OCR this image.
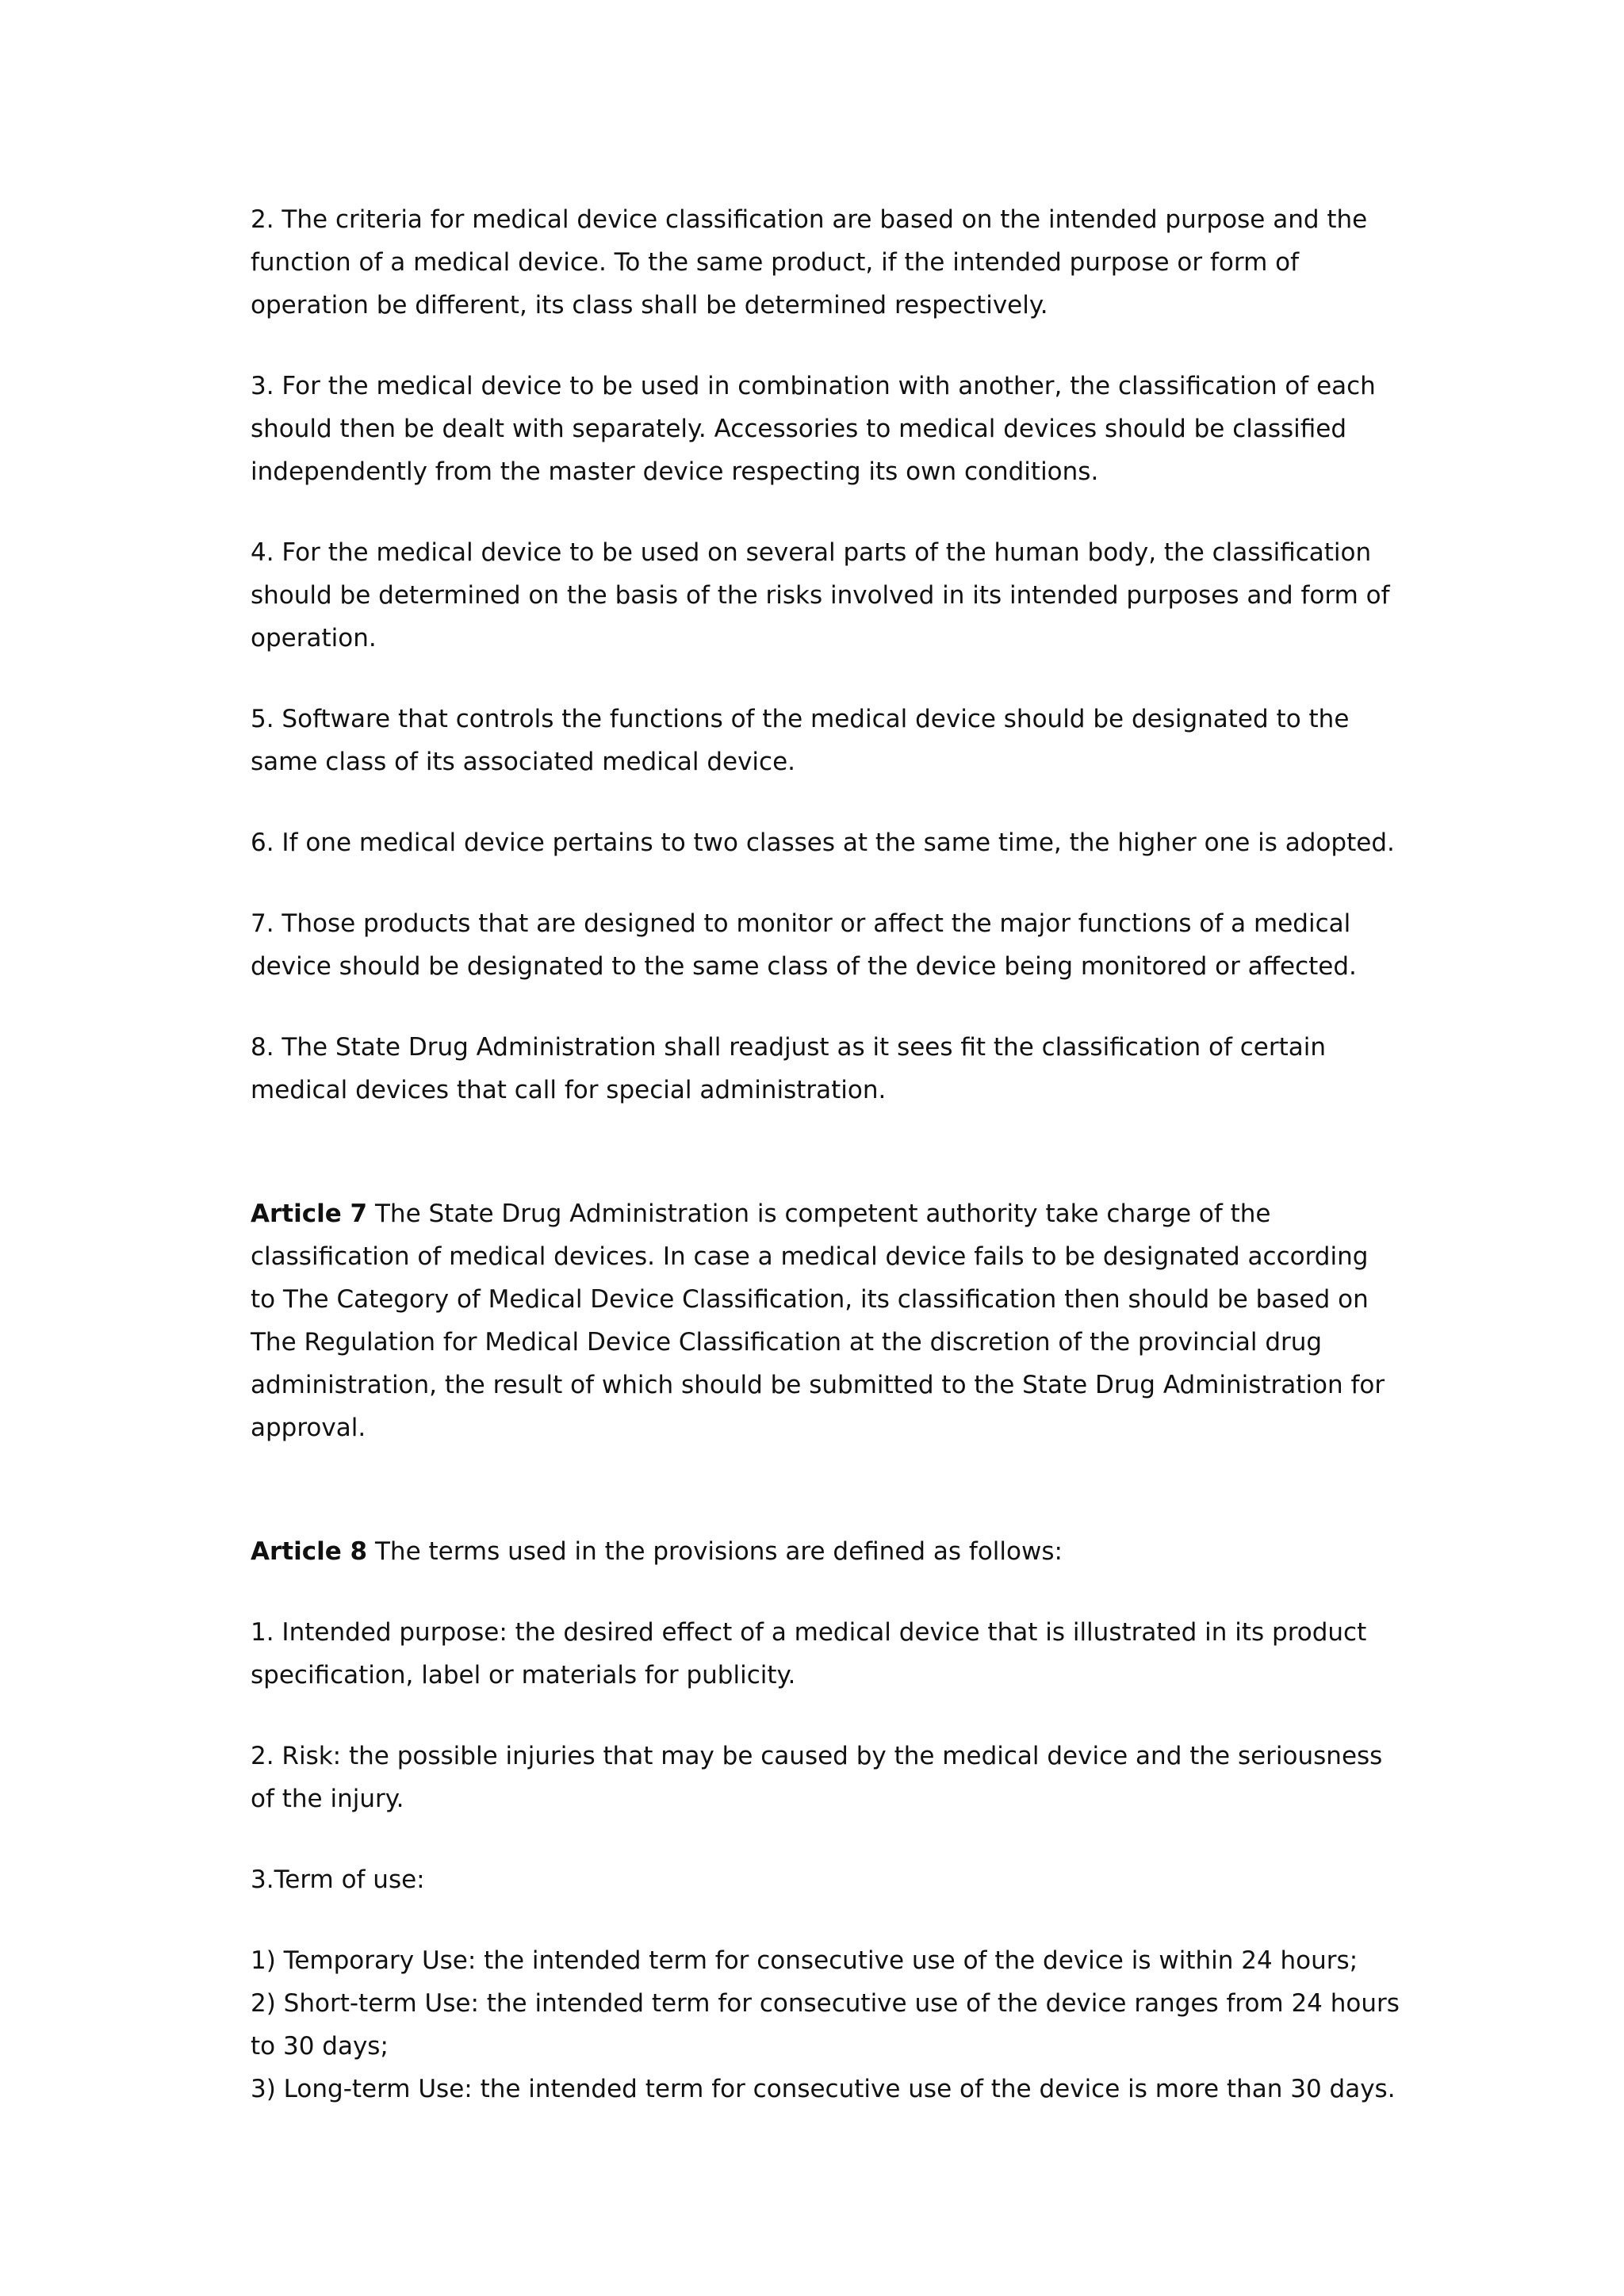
2. The criteria for medical device classification are based on the intended purpose and the function of a medical device. To the same product, if the intended purpose or form of operation be different, its class shall be determined respectively.

3. For the medical device to be used in combination with another, the classification of each should then be dealt with separately. Accessories to medical devices should be classified independently from the master device respecting its own conditions.

4. For the medical device to be used on several parts of the human body, the classification should be determined on the basis of the risks involved in its intended purposes and form of operation.

5. Software that controls the functions of the medical device should be designated to the same class of its associated medical device.

6. If one medical device pertains to two classes at the same time, the higher one is adopted.

7. Those products that are designed to monitor or affect the major functions of a medical device should be designated to the same class of the device being monitored or affected.

8. The State Drug Administration shall readjust as it sees fit the classification of certain medical devices that call for special administration.

Article 7 The State Drug Administration is competent authority take charge of the classification of medical devices. In case a medical device fails to be designated according to The Category of Medical Device Classification, its classification then should be based on The Regulation for Medical Device Classification at the discretion of the provincial drug administration, the result of which should be submitted to the State Drug Administration for approval.

Article 8 The terms used in the provisions are defined as follows:

1. Intended purpose: the desired effect of a medical device that is illustrated in its product specification, label or materials for publicity.

2. Risk: the possible injuries that may be caused by the medical device and the seriousness of the injury.

3.Term of use:

1) Temporary Use: the intended term for consecutive use of the device is within 24 hours;

2) Short-term Use: the intended term for consecutive use of the device ranges from 24 hours to 30 days;

3) Long-term Use: the intended term for consecutive use of the device is more than 30 days.
